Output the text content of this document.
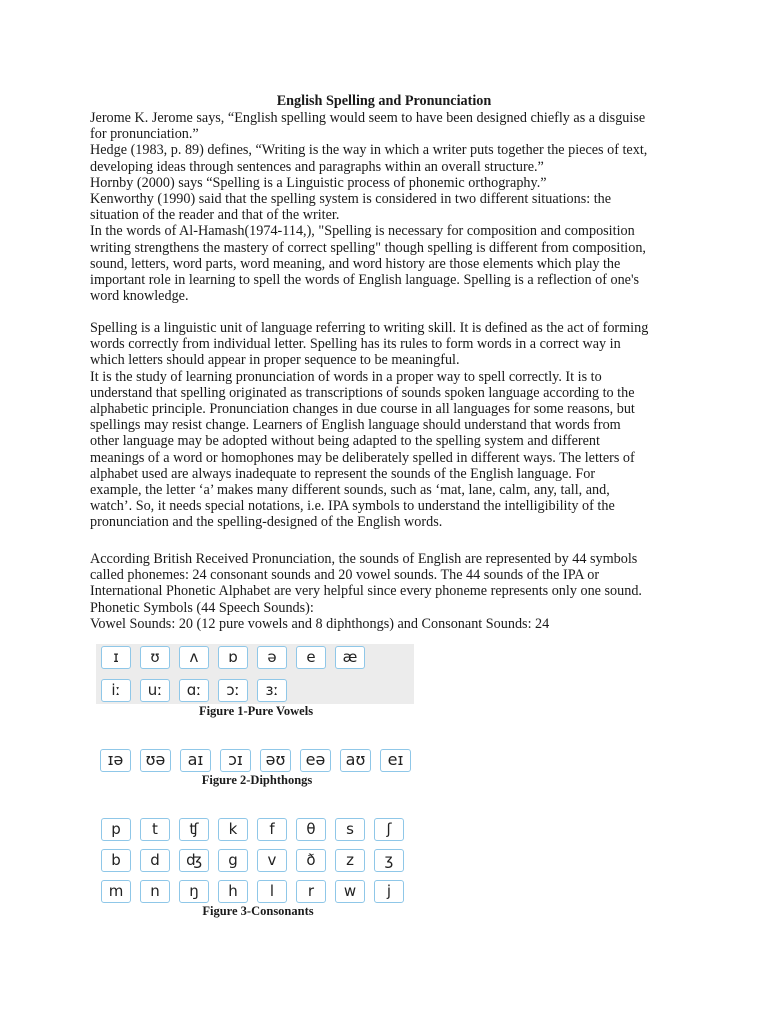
English Spelling and Pronunciation

Jerome K. Jerome says, “English spelling would seem to have been designed chiefly as a disguise for pronunciation.”

Hedge (1983, p. 89) defines, “Writing is the way in which a writer puts together the pieces of text, developing ideas through sentences and paragraphs within an overall structure.”

Hornby (2000) says “Spelling is a Linguistic process of phonemic orthography.”

Kenworthy (1990) said that the spelling system is considered in two different situations: the situation of the reader and that of the writer.

In the words of Al-Hamash(1974-114,), "Spelling is necessary for composition and composition writing strengthens the mastery of correct spelling" though spelling is different from composition, sound, letters, word parts, word meaning, and word history are those elements which play the important role in learning to spell the words of English language. Spelling is a reflection of one's word knowledge.

Spelling is a linguistic unit of language referring to writing skill. It is defined as the act of forming words correctly from individual letter. Spelling has its rules to form words in a correct way in which letters should appear in proper sequence to be meaningful.

It is the study of learning pronunciation of words in a proper way to spell correctly. It is to understand that spelling originated as transcriptions of sounds spoken language according to the alphabetic principle. Pronunciation changes in due course in all languages for some reasons, but spellings may resist change. Learners of English language should understand that words from other language may be adopted without being adapted to the spelling system and different meanings of a word or homophones may be deliberately spelled in different ways. The letters of alphabet used are always inadequate to represent the sounds of the English language. For example, the letter ‘a’ makes many different sounds, such as ‘mat, lane, calm, any, tall, and, watch’. So, it needs special notations, i.e. IPA symbols to understand the intelligibility of the pronunciation and the spelling-designed of the English words.

According British Received Pronunciation, the sounds of English are represented by 44 symbols called phonemes: 24 consonant sounds and 20 vowel sounds. The 44 sounds of the IPA or International Phonetic Alphabet are very helpful since every phoneme represents only one sound.

Phonetic Symbols (44 Speech Sounds):

Vowel Sounds: 20 (12 pure vowels and 8 diphthongs) and Consonant Sounds: 24

ɪ	ʊ	ʌ	ɒ	ə	e	æ
iː	uː	ɑː	ɔː	ɜː
Figure 1-Pure Vowels
ɪə	ʊə	aɪ	ɔɪ	əʊ	eə	aʊ	eɪ
Figure 2-Diphthongs
p	t	ʧ	k	f	θ	s	ʃ
b	d	ʤ	g	v	ð	z	ʒ
m	n	ŋ	h	l	r	w	j
Figure 3-Consonants
